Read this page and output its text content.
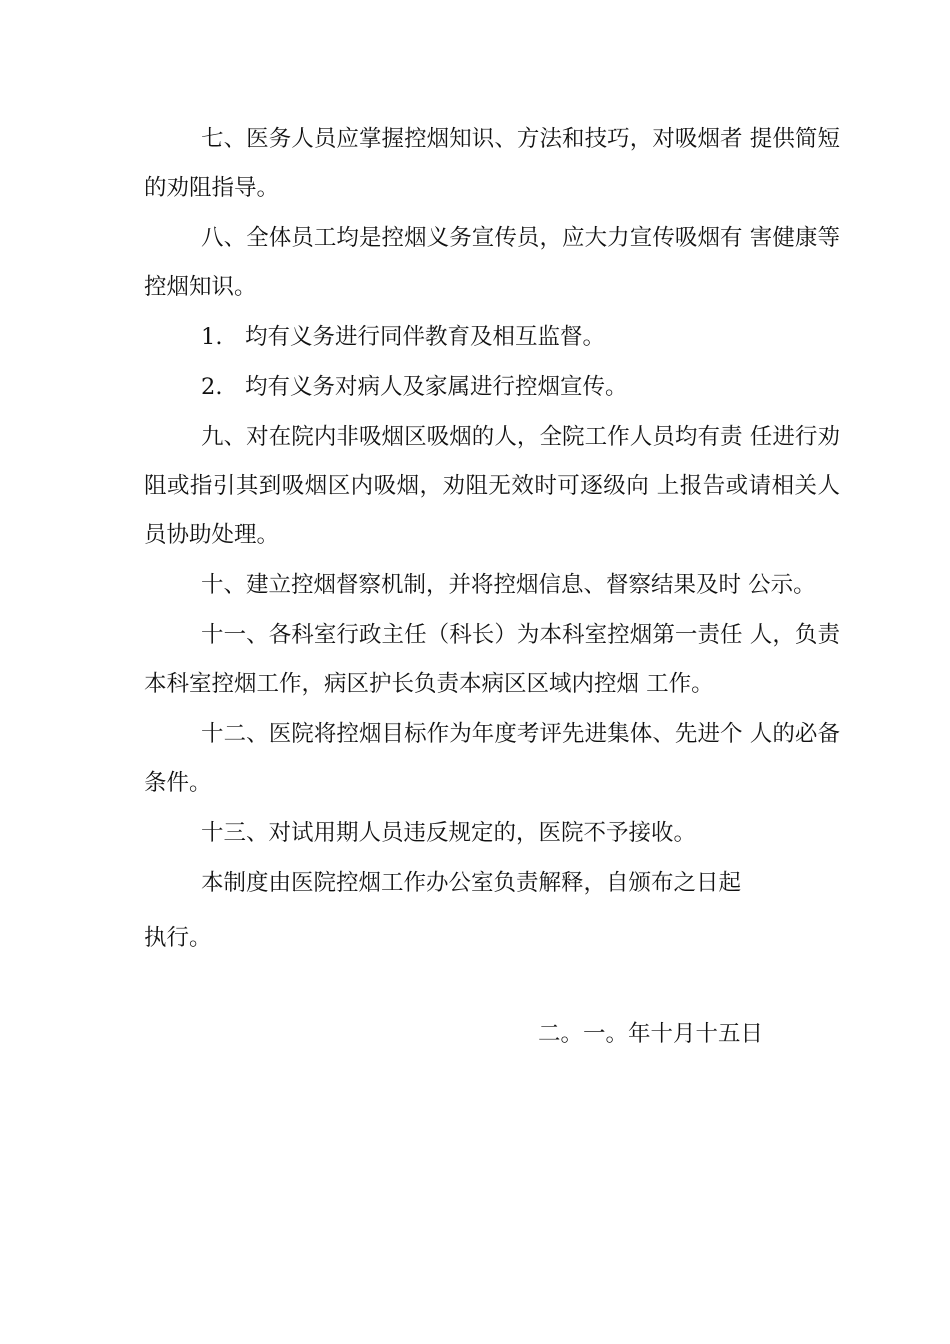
七、医务人员应掌握控烟知识、方法和技巧，对吸烟者 提供简短的劝阻指导。

八、全体员工均是控烟义务宣传员，应大力宣传吸烟有 害健康等控烟知识。

1.　均有义务进行同伴教育及相互监督。

2.　均有义务对病人及家属进行控烟宣传。

九、对在院内非吸烟区吸烟的人，全院工作人员均有责 任进行劝阻或指引其到吸烟区内吸烟，劝阻无效时可逐级向 上报告或请相关人员协助处理。

十、建立控烟督察机制，并将控烟信息、督察结果及时 公示。

十一、各科室行政主任（科长）为本科室控烟第一责任 人，负责本科室控烟工作，病区护长负责本病区区域内控烟 工作。

十二、医院将控烟目标作为年度考评先进集体、先进个 人的必备条件。

十三、对试用期人员违反规定的，医院不予接收。

本制度由医院控烟工作办公室负责解释，自颁布之日起

执行。

二。一。年十月十五日
